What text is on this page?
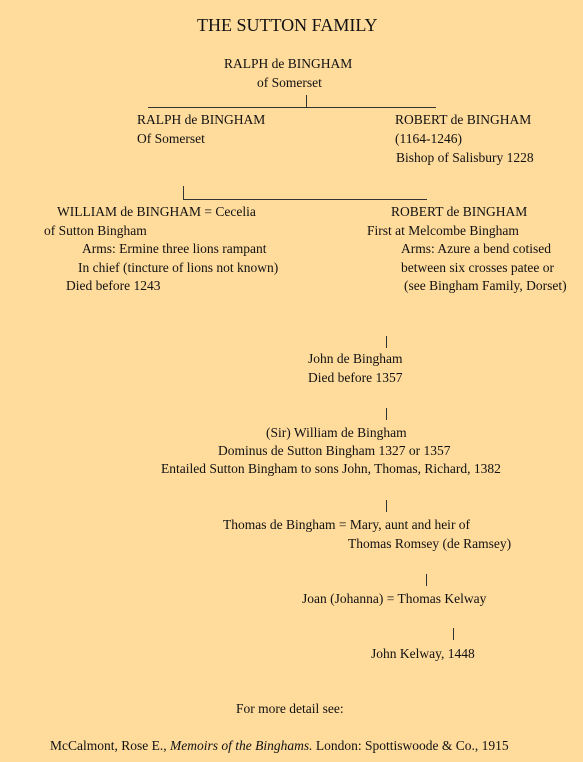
THE SUTTON FAMILY
RALPH de BINGHAM
of Somerset
RALPH de BINGHAM
Of Somerset
ROBERT de BINGHAM
(1164-1246)
Bishop of Salisbury 1228
WILLIAM de BINGHAM = Cecelia
of Sutton Bingham
Arms: Ermine three lions rampant
In chief (tincture of lions not known)
Died before 1243
ROBERT de BINGHAM
First at Melcombe Bingham
Arms: Azure a bend cotised
between six crosses patee or
(see Bingham Family, Dorset)
John de Bingham
Died before 1357
(Sir) William de Bingham
Dominus de Sutton Bingham 1327 or 1357
Entailed Sutton Bingham to sons John, Thomas, Richard, 1382
Thomas de Bingham = Mary, aunt and heir of
Thomas Romsey (de Ramsey)
Joan (Johanna) = Thomas Kelway
John Kelway, 1448
For more detail see:
McCalmont, Rose E., Memoirs of the Binghams. London: Spottiswoode & Co., 1915
